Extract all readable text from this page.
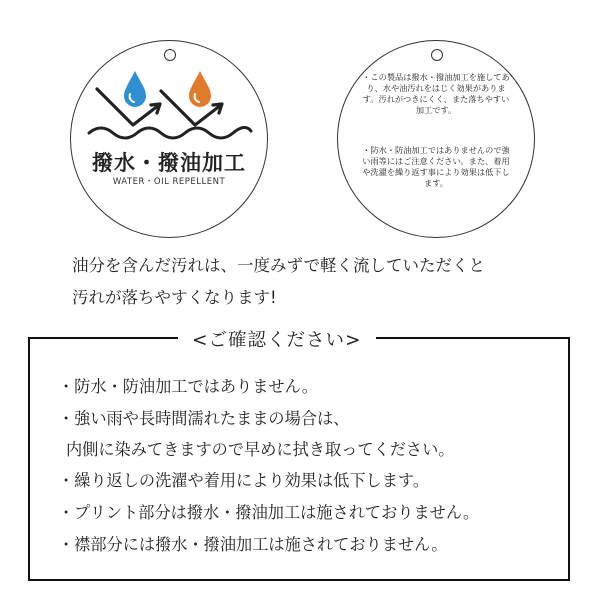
撥水・撥油加工
WATER・OIL REPELLENT
・この製品は撥水・撥油加工を施してあり、水や油汚れをはじく効果があります。汚れがつきにくく、また落ちやすい加工です。
・防水・防油加工ではありませんので強い雨等にはご注意ください。また、着用や洗濯を繰り返す事により効果は低下します。
油分を含んだ汚れは、一度みずで軽く流していただくと
汚れが落ちやすくなります!
<ご確認ください>
・防水・防油加工ではありません。
・強い雨や長時間濡れたままの場合は、
内側に染みてきますので早めに拭き取ってください。
・繰り返しの洗濯や着用により効果は低下します。
・プリント部分は撥水・撥油加工は施されておりません。
・襟部分には撥水・撥油加工は施されておりません。
